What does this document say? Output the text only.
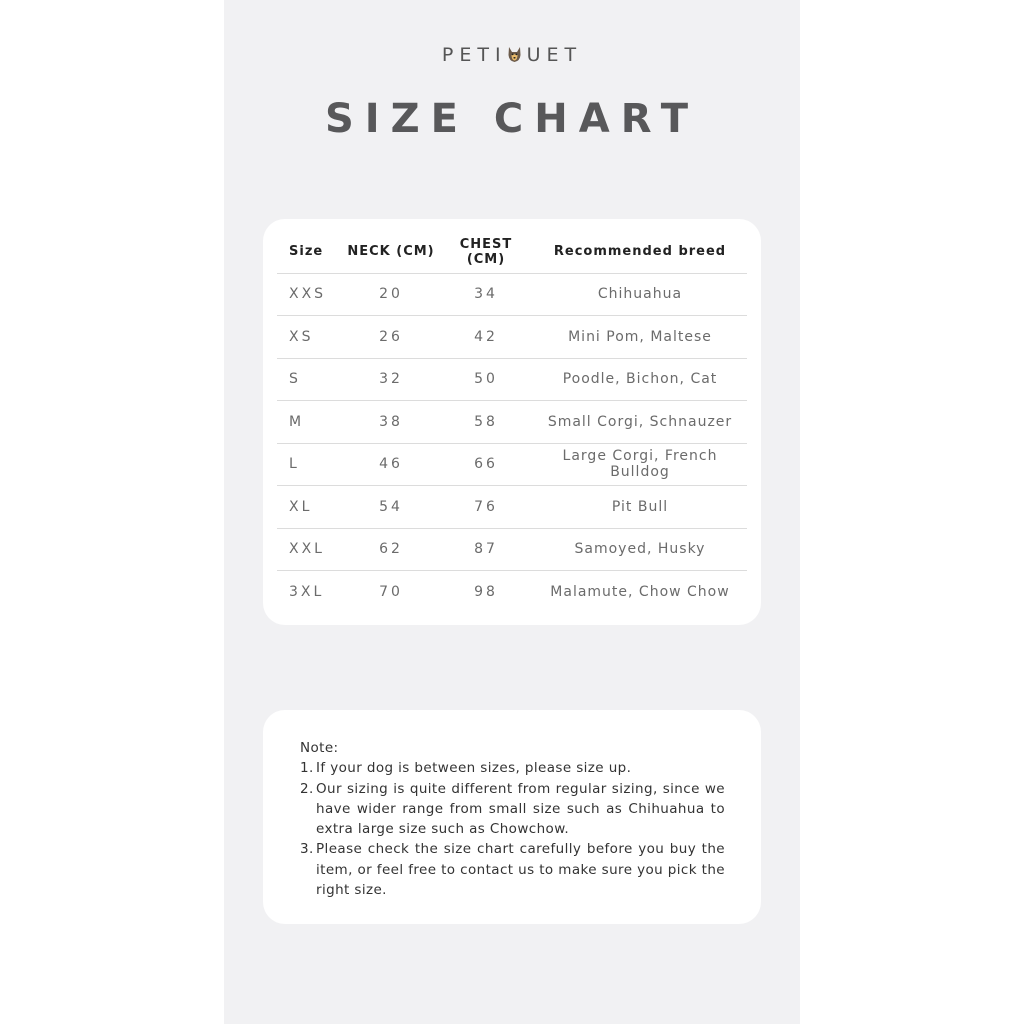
PETI UET
SIZE CHART
Size	NECK (CM)	CHEST (CM)	Recommended breed
XXS	20	34	Chihuahua
XS	26	42	Mini Pom, Maltese
S	32	50	Poodle, Bichon, Cat
M	38	58	Small Corgi, Schnauzer
L	46	66	Large Corgi, French Bulldog
XL	54	76	Pit Bull
XXL	62	87	Samoyed, Husky
3XL	70	98	Malamute, Chow Chow
Note:
1. If your dog is between sizes, please size up.
2. Our sizing is quite different from regular sizing, since we have wider range from small size such as Chihuahua to extra large size such as Chowchow.
3. Please check the size chart carefully before you buy the item, or feel free to contact us to make sure you pick the right size.
